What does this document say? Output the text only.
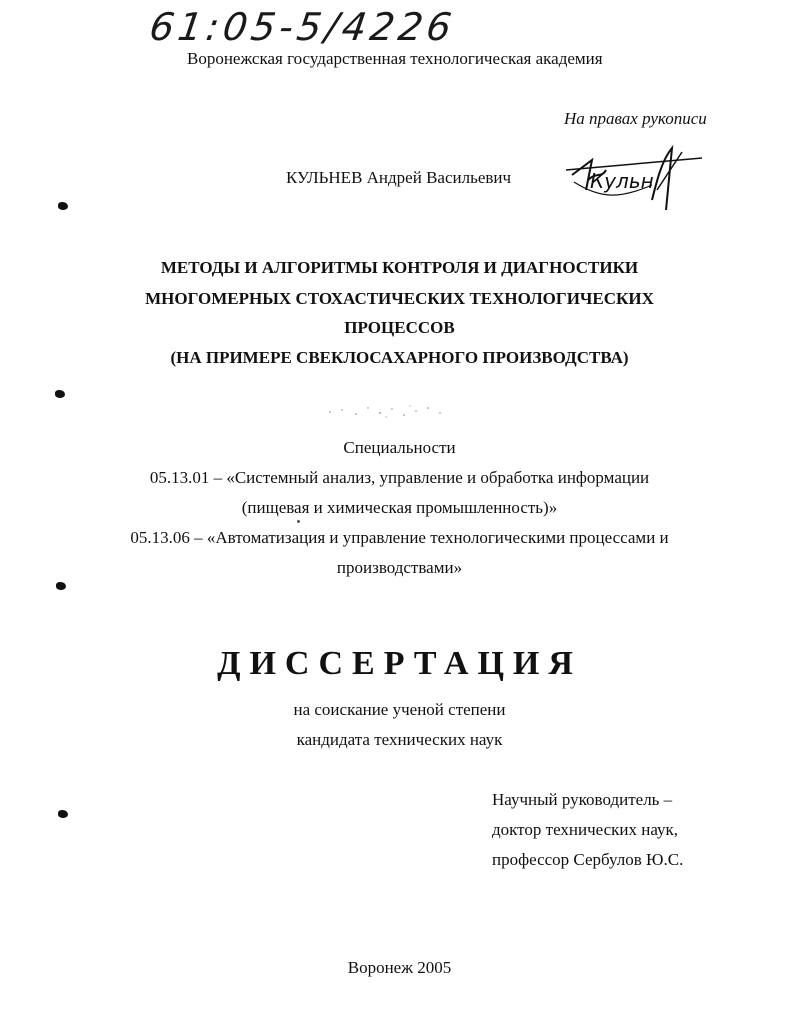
61:05-5/4226
Воронежская государственная технологическая академия
На правах рукописи
КУЛЬНЕВ Андрей Васильевич	Кульн
МЕТОДЫ И АЛГОРИТМЫ КОНТРОЛЯ И ДИАГНОСТИКИ
МНОГОМЕРНЫХ СТОХАСТИЧЕСКИХ ТЕХНОЛОГИЧЕСКИХ
ПРОЦЕССОВ
(НА ПРИМЕРЕ СВЕКЛОСАХАРНОГО ПРОИЗВОДСТВА)
Специальности
05.13.01 – «Системный анализ, управление и обработка информации
(пищевая и химическая промышленность)»
05.13.06 – «Автоматизация и управление технологическими процессами и
производствами»
ДИССЕРТАЦИЯ
на соискание ученой степени
кандидата технических наук
Научный руководитель –
доктор технических наук,
профессор Сербулов Ю.С.
Воронеж 2005
